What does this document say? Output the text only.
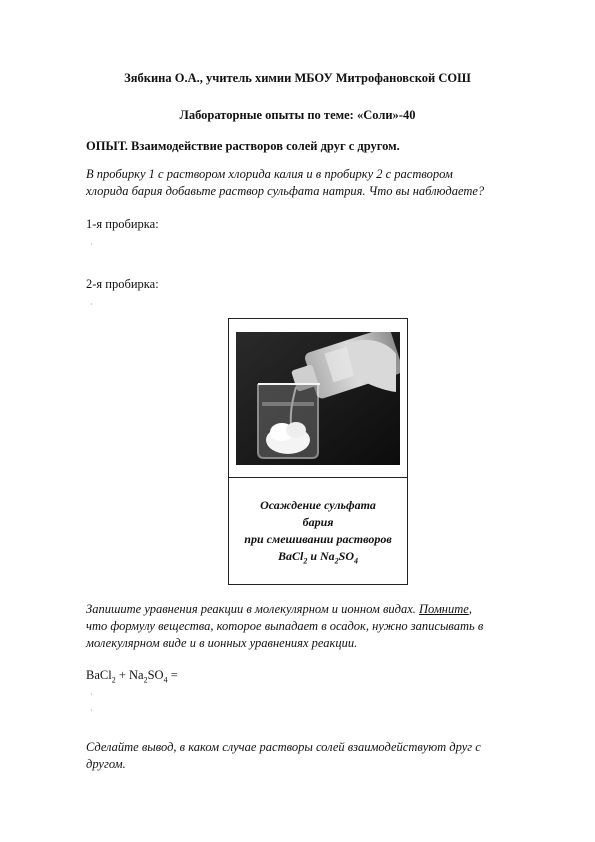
Зябкина О.А., учитель химии МБОУ Митрофановской СОШ
Лабораторные опыты по теме: «Соли»-40
ОПЫТ. Взаимодействие растворов солей друг с другом.
В пробирку 1 с раствором хлорида калия и в пробирку 2 с раствором
хлорида бария добавьте раствор сульфата натрия. Что вы наблюдаете?
1-я пробирка:
·
2-я пробирка:
·
Осаждение сульфата
бария
при смешивании растворов
BaCl$_2$ и $Na_2SO_4$
Запишите уравнения реакции в молекулярном и ионном видах. Помните,
что формулу вещества, которое выпадает в осадок, нужно записывать в
молекулярном виде и в ионных уравнениях реакции.
BaCl$_2$ + $Na_2SO_4$ =
·
·
Сделайте вывод, в каком случае растворы солей взаимодействуют друг с
другом.
